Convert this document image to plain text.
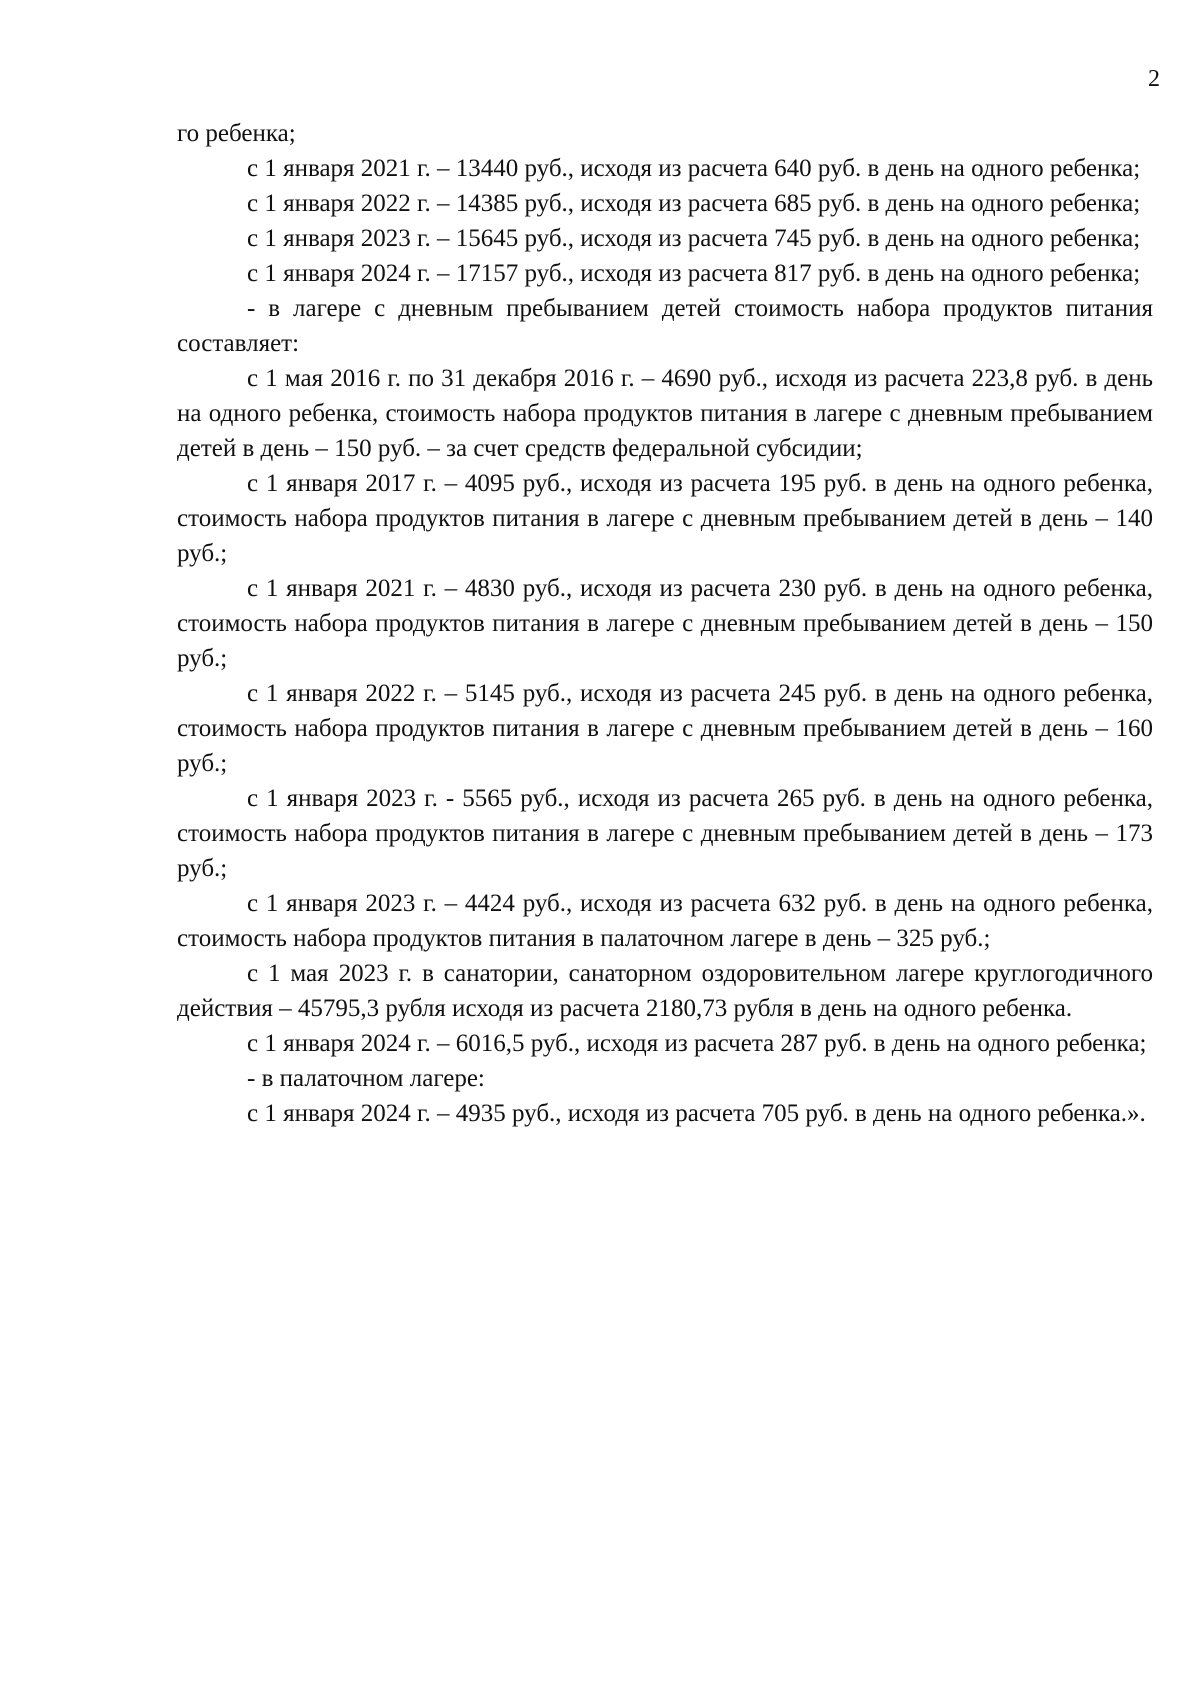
2

го ребенка;

с 1 января 2021 г. – 13440 руб., исходя из расчета 640 руб. в день на одного ребенка;

с 1 января 2022 г. – 14385 руб., исходя из расчета 685 руб. в день на одного ребенка;

с 1 января 2023 г. – 15645 руб., исходя из расчета 745 руб. в день на одного ребенка;

с 1 января 2024 г. – 17157 руб., исходя из расчета 817 руб. в день на одного ребенка;

- в лагере с дневным пребыванием детей стоимость набора продуктов питания составляет:

с 1 мая 2016 г. по 31 декабря 2016 г. – 4690 руб., исходя из расчета 223,8 руб. в день на одного ребенка, стоимость набора продуктов питания в лагере с дневным пребыванием детей в день – 150 руб. – за счет средств федеральной субсидии;

с 1 января 2017 г. – 4095 руб., исходя из расчета 195 руб. в день на одного ребенка, стоимость набора продуктов питания в лагере с дневным пребыванием детей в день – 140 руб.;

с 1 января 2021 г. – 4830 руб., исходя из расчета 230 руб. в день на одного ребенка, стоимость набора продуктов питания в лагере с дневным пребыванием детей в день – 150 руб.;

с 1 января 2022 г. – 5145 руб., исходя из расчета 245 руб. в день на одного ребенка, стоимость набора продуктов питания в лагере с дневным пребыванием детей в день – 160 руб.;

с 1 января 2023 г. - 5565 руб., исходя из расчета 265 руб. в день на одного ребенка, стоимость набора продуктов питания в лагере с дневным пребыванием детей в день – 173 руб.;

с 1 января 2023 г. – 4424 руб., исходя из расчета 632 руб. в день на одного ребенка, стоимость набора продуктов питания в палаточном лагере в день – 325 руб.;

с 1 мая 2023 г. в санатории, санаторном оздоровительном лагере круглогодичного действия – 45795,3 рубля исходя из расчета 2180,73 рубля в день на одного ребенка.

с 1 января 2024 г. – 6016,5 руб., исходя из расчета 287 руб. в день на одного ребенка;

- в палаточном лагере:

с 1 января 2024 г. – 4935 руб., исходя из расчета 705 руб. в день на одного ребенка.».
